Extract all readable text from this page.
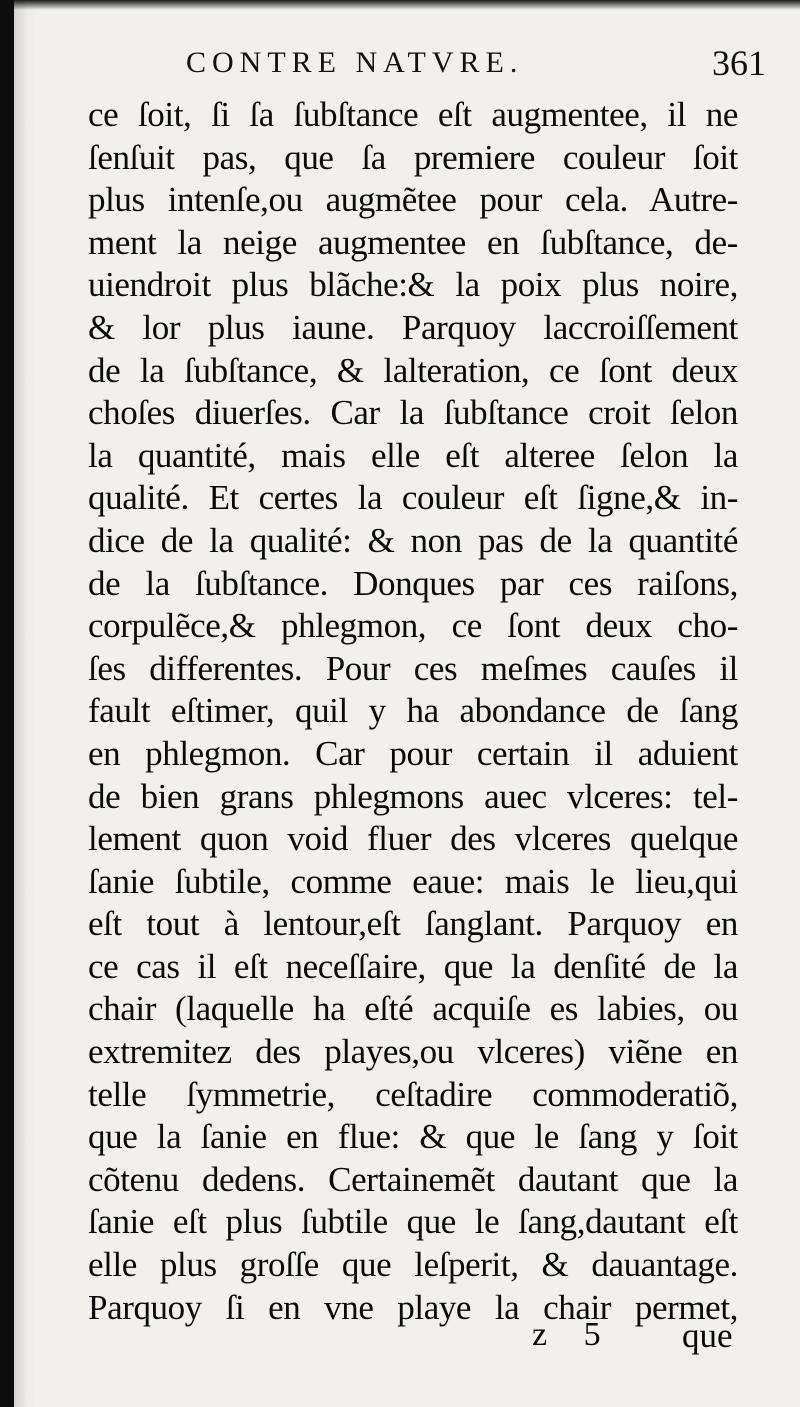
CONTRE NATVRE.	361
ce ſoit, ſi ſa ſubſtance eſt augmentee, il ne
ſenſuit pas, que ſa premiere couleur ſoit
plus intenſe,ou augmẽtee pour cela. Autre-
ment la neige augmentee en ſubſtance, de-
uiendroit plus blãche:& la poix plus noire,
& lor plus iaune. Parquoy laccroiſſement
de la ſubſtance, & lalteration, ce ſont deux
choſes diuerſes. Car la ſubſtance croit ſelon
la quantité, mais elle eſt alteree ſelon la
qualité. Et certes la couleur eſt ſigne,& in-
dice de la qualité: & non pas de la quantité
de la ſubſtance. Donques par ces raiſons,
corpulẽce,& phlegmon, ce ſont deux cho-
ſes differentes. Pour ces meſmes cauſes il
fault eſtimer, quil y ha abondance de ſang
en phlegmon. Car pour certain il aduient
de bien grans phlegmons auec vlceres: tel-
lement quon void fluer des vlceres quelque
ſanie ſubtile, comme eaue: mais le lieu,qui
eſt tout à lentour,eſt ſanglant. Parquoy en
ce cas il eſt neceſſaire, que la denſité de la
chair (laquelle ha eſté acquiſe es labies, ou
extremitez des playes,ou vlceres) viẽne en
telle ſymmetrie, ceſtadire commoderatiõ,
que la ſanie en flue: & que le ſang y ſoit
cõtenu dedens. Certainemẽt dautant que la
ſanie eſt plus ſubtile que le ſang,dautant eſt
elle plus groſſe que leſperit, & dauantage.
Parquoy ſi en vne playe la chair permet,
z 5 que
